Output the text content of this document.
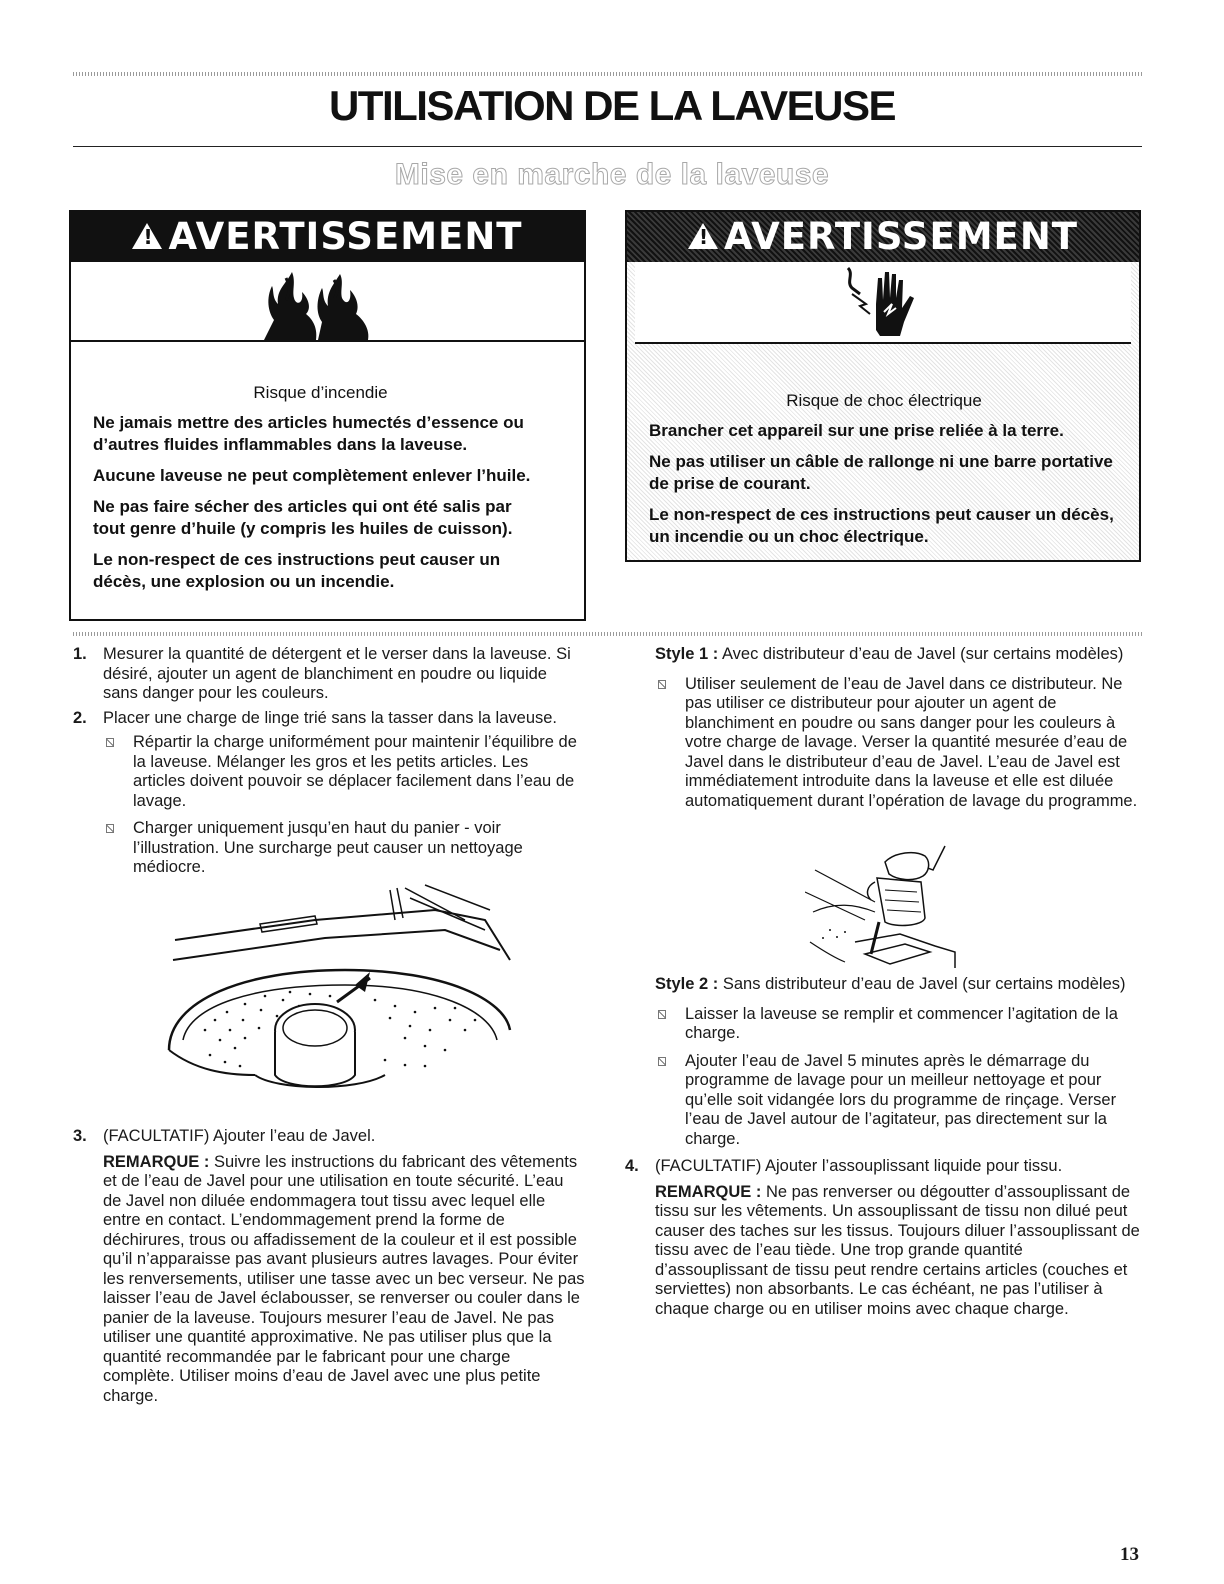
UTILISATION DE LA LAVEUSE
Mise en marche de la laveuse
!AVERTISSEMENT
Risque d’incendie

Ne jamais mettre des articles humectés d’essence ou d’autres fluides inflammables dans la laveuse.

Aucune laveuse ne peut complètement enlever l’huile.

Ne pas faire sécher des articles qui ont été salis par tout genre d’huile (y compris les huiles de cuisson).

Le non-respect de ces instructions peut causer un décès, une explosion ou un incendie.

!AVERTISSEMENT
Risque de choc électrique

Brancher cet appareil sur une prise reliée à la terre.

Ne pas utiliser un câble de rallonge ni une barre portative de prise de courant.

Le non-respect de ces instructions peut causer un décès, un incendie ou un choc électrique.

1. Mesurer la quantité de détergent et le verser dans la laveuse. Si désiré, ajouter un agent de blanchiment en poudre ou liquide sans danger pour les couleurs.
2. Placer une charge de linge trié sans la tasser dans la laveuse.
Répartir la charge uniformément pour maintenir l’équilibre de la laveuse. Mélanger les gros et les petits articles. Les articles doivent pouvoir se déplacer facilement dans l’eau de lavage.
Charger uniquement jusqu’en haut du panier - voir l’illustration. Une surcharge peut causer un nettoyage médiocre.
3. (FACULTATIF) Ajouter l’eau de Javel.
REMARQUE : Suivre les instructions du fabricant des vêtements et de l’eau de Javel pour une utilisation en toute sécurité. L’eau de Javel non diluée endommagera tout tissu avec lequel elle entre en contact. L’endommagement prend la forme de déchirures, trous ou affadissement de la couleur et il est possible qu’il n’apparaisse pas avant plusieurs autres lavages. Pour éviter les renversements, utiliser une tasse avec un bec verseur. Ne pas laisser l’eau de Javel éclabousser, se renverser ou couler dans le panier de la laveuse. Toujours mesurer l’eau de Javel. Ne pas utiliser une quantité approximative. Ne pas utiliser plus que la quantité recommandée par le fabricant pour une charge complète. Utiliser moins d’eau de Javel avec une plus petite charge.
Style 1 : Avec distributeur d’eau de Javel (sur certains modèles)
Utiliser seulement de l’eau de Javel dans ce distributeur. Ne pas utiliser ce distributeur pour ajouter un agent de blanchiment en poudre ou sans danger pour les couleurs à votre charge de lavage. Verser la quantité mesurée d’eau de Javel dans le distributeur d’eau de Javel. L’eau de Javel est immédiatement introduite dans la laveuse et elle est diluée automatiquement durant l’opération de lavage du programme.
Style 2 : Sans distributeur d’eau de Javel (sur certains modèles)
Laisser la laveuse se remplir et commencer l’agitation de la charge.
Ajouter l’eau de Javel 5 minutes après le démarrage du programme de lavage pour un meilleur nettoyage et pour qu’elle soit vidangée lors du programme de rinçage. Verser l’eau de Javel autour de l’agitateur, pas directement sur la charge.
4. (FACULTATIF) Ajouter l’assouplissant liquide pour tissu.
REMARQUE : Ne pas renverser ou dégoutter d’assouplissant de tissu sur les vêtements. Un assouplissant de tissu non dilué peut causer des taches sur les tissus. Toujours diluer l’assouplissant de tissu avec de l’eau tiède. Une trop grande quantité d’assouplissant de tissu peut rendre certains articles (couches et serviettes) non absorbants. Le cas échéant, ne pas l’utiliser à chaque charge ou en utiliser moins avec chaque charge.
13
